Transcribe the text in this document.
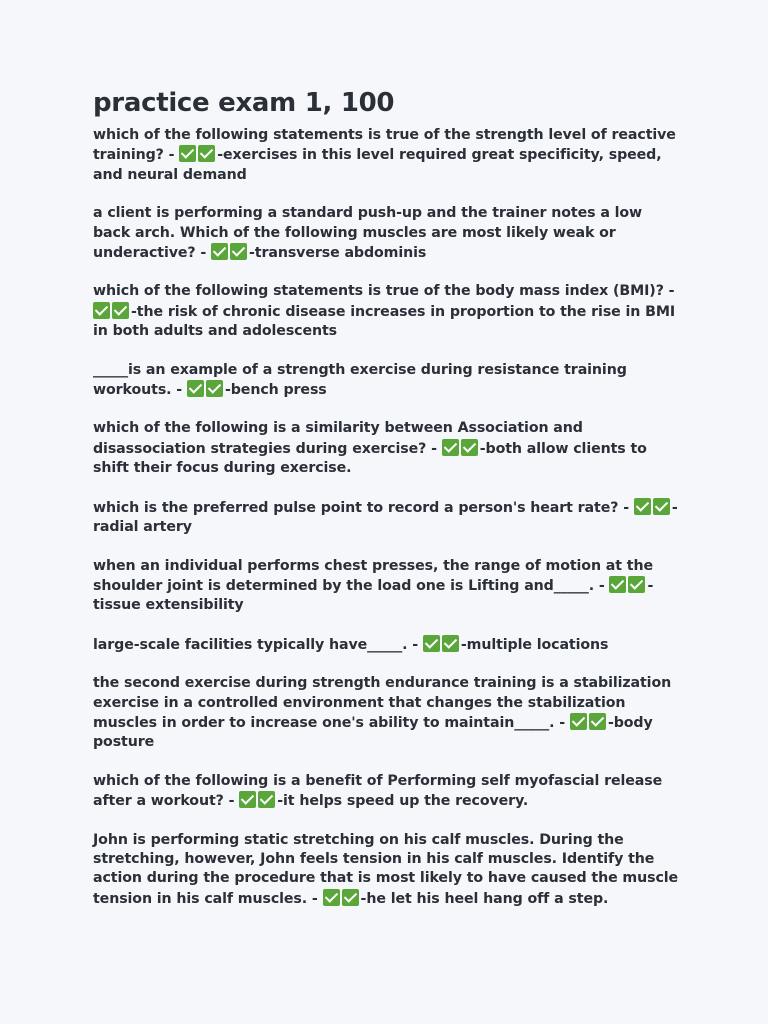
practice exam 1, 100
which of the following statements is true of the strength level of reactive training? -	-exercises in this level required great specificity, speed, and neural demand
a client is performing a standard push-up and the trainer notes a low back arch. Which of the following muscles are most likely weak or underactive? -	-transverse abdominis
which of the following statements is true of the body mass index (BMI)? - -the risk of chronic disease increases in proportion to the rise in BMI in both adults and adolescents
_____is an example of a strength exercise during resistance training workouts. -	-bench press
which of the following is a similarity between Association and disassociation strategies during exercise? -	-both allow clients to shift their focus during exercise.
which is the preferred pulse point to record a person's heart rate? -	-radial artery
when an individual performs chest presses, the range of motion at the shoulder joint is determined by the load one is Lifting and_____. -	-tissue extensibility
large-scale facilities typically have_____. -	-multiple locations
the second exercise during strength endurance training is a stabilization exercise in a controlled environment that changes the stabilization muscles in order to increase one's ability to maintain_____. -	-body posture
which of the following is a benefit of Performing self myofascial release after a workout? -	-it helps speed up the recovery.
John is performing static stretching on his calf muscles. During the stretching, however, John feels tension in his calf muscles. Identify the action during the procedure that is most likely to have caused the muscle tension in his calf muscles. -	-he let his heel hang off a step.
